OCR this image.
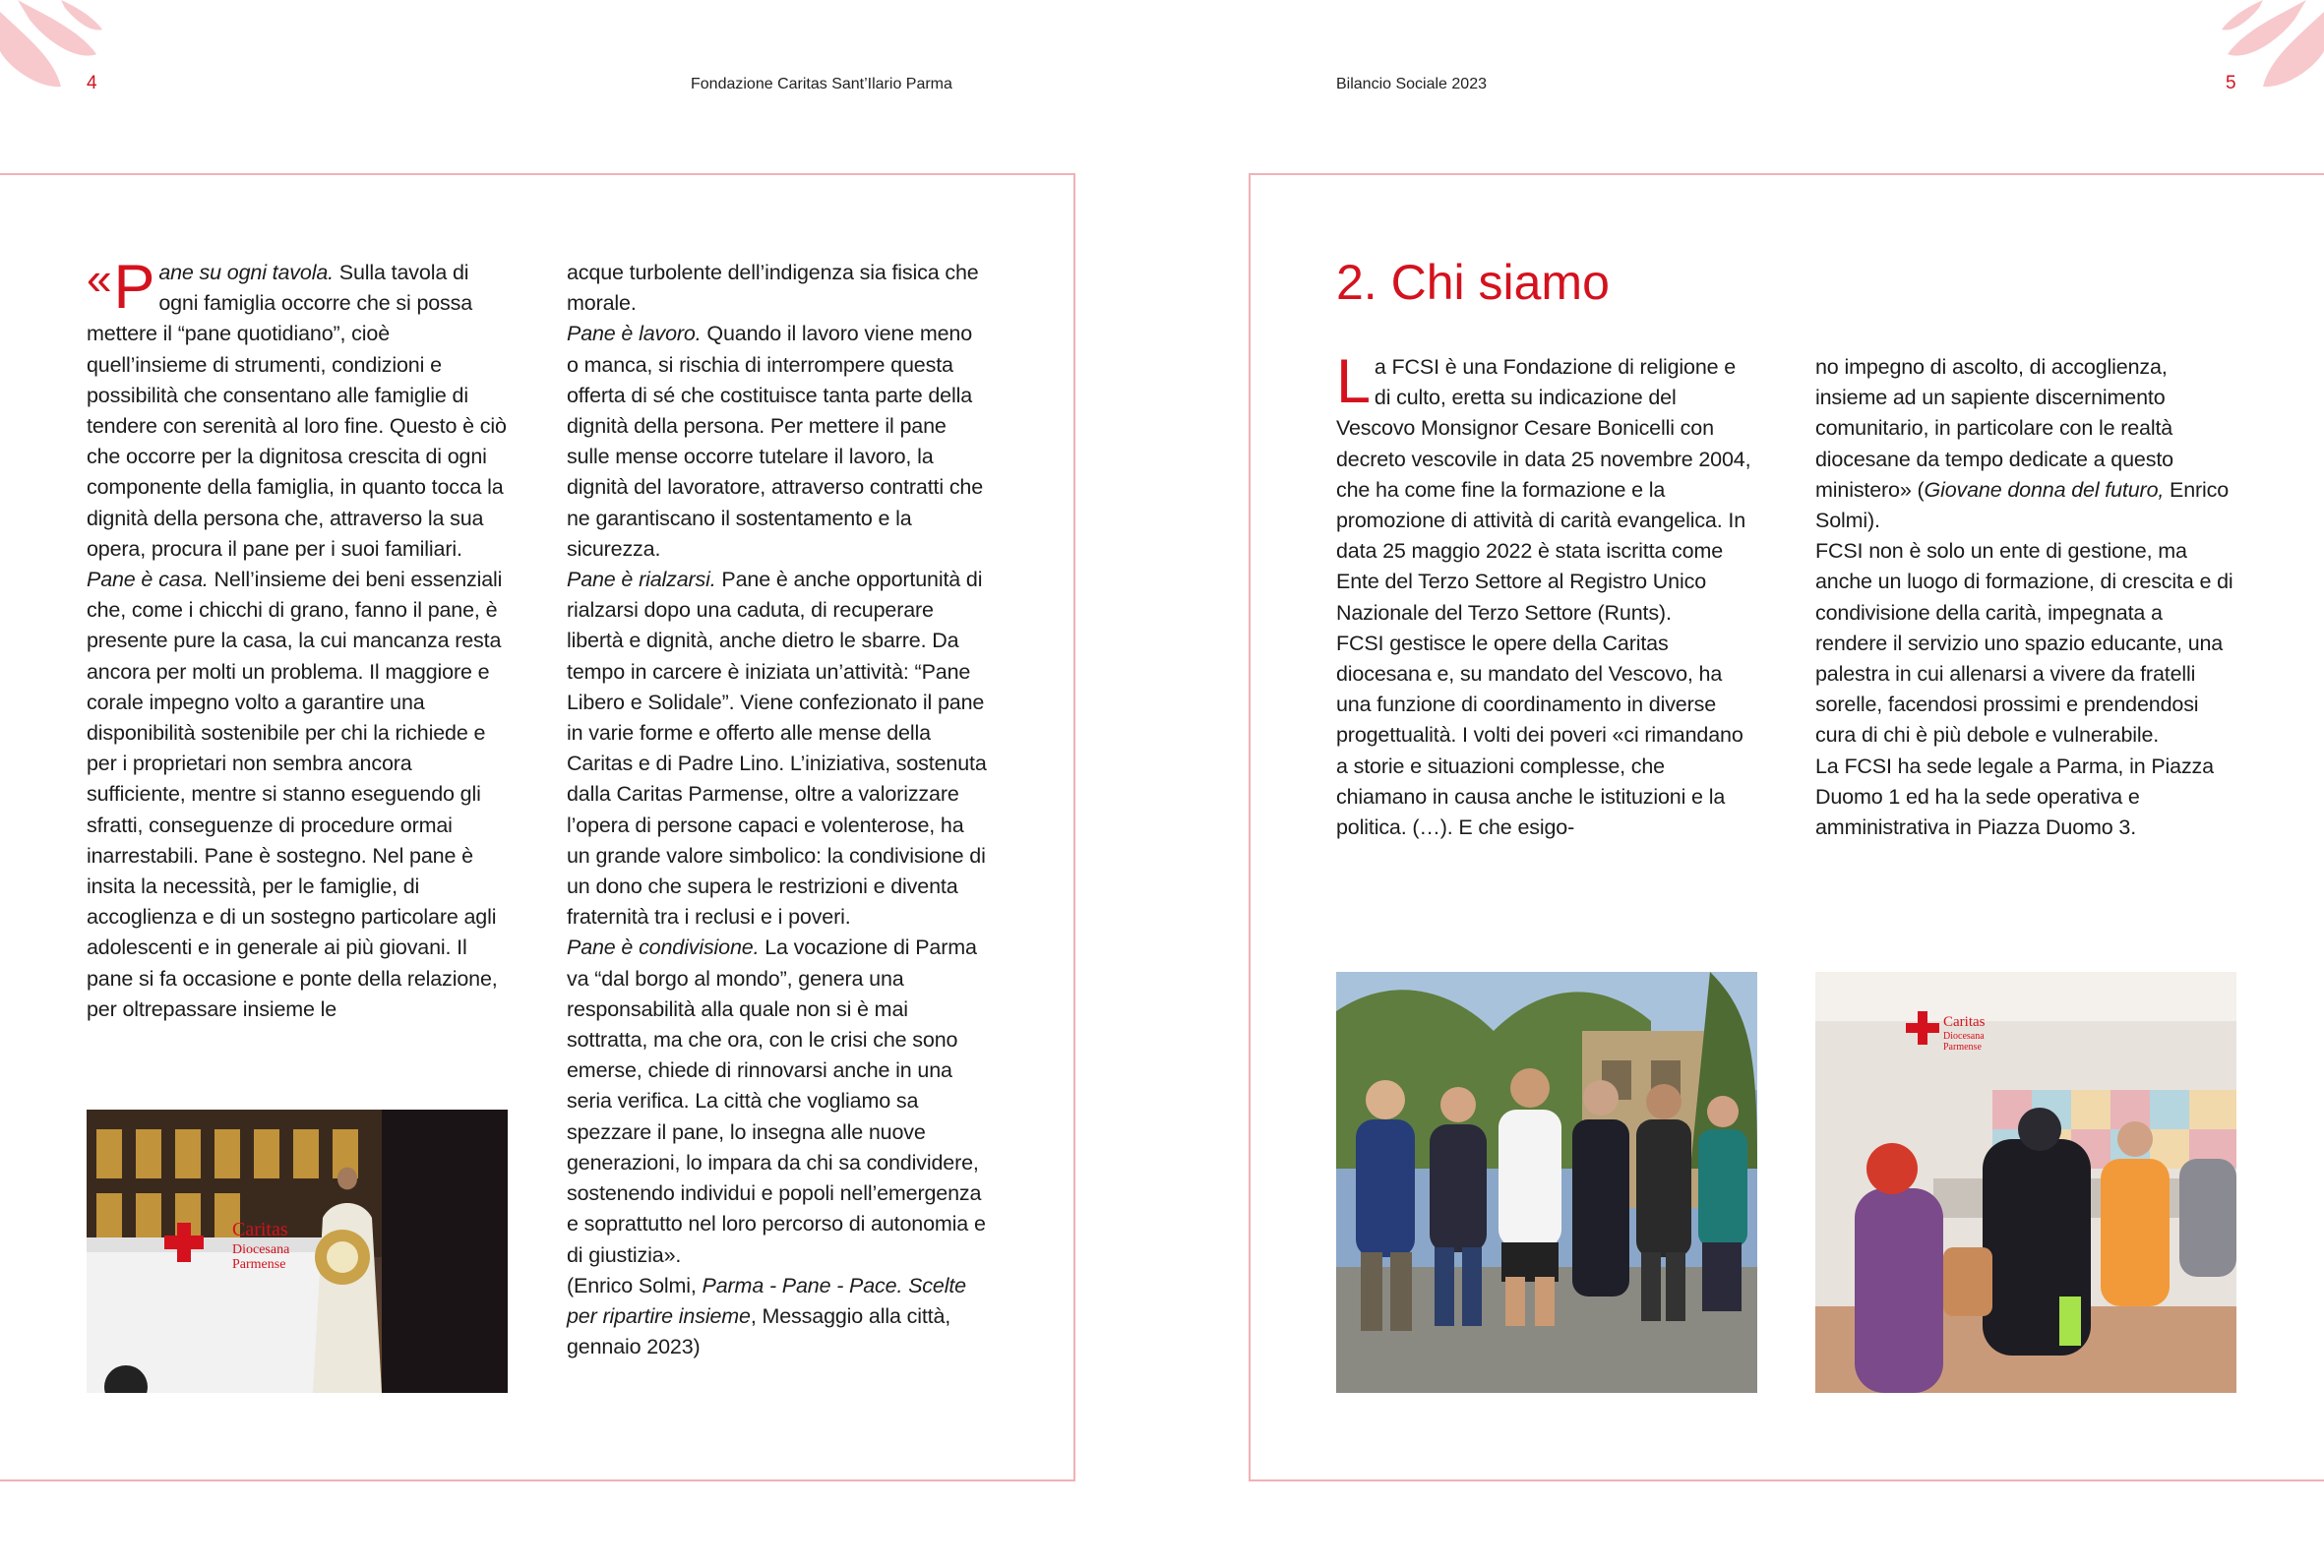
4	Fondazione Caritas Sant’Ilario Parma	Bilancio Sociale 2023	5

« P ane su ogni tavola. Sulla tavola di ogni famiglia occorre che si possa mettere il “pane quotidiano”, cioè quell’insieme di strumenti, condizioni e possibilità che consentano alle famiglie di tendere con serenità al loro fine. Questo è ciò che occorre per la dignitosa crescita di ogni componente della famiglia, in quanto tocca la dignità della persona che, attraverso la sua opera, procura il pane per i suoi familiari.

Pane è casa. Nell’insieme dei beni essenziali che, come i chicchi di grano, fanno il pane, è presente pure la casa, la cui mancanza resta ancora per molti un problema. Il maggiore e corale impegno volto a garantire una disponibilità sostenibile per chi la richiede e per i proprietari non sembra ancora sufficiente, mentre si stanno eseguendo gli sfratti, conseguenze di procedure ormai inarrestabili. Pane è sostegno. Nel pane è insita la necessità, per le famiglie, di accoglienza e di un sostegno particolare agli adolescenti e in generale ai più giovani. Il pane si fa occasione e ponte della relazione, per oltrepassare insieme le

Caritas
Diocesana
Parmense

acque turbolente dell’indigenza sia fisica che morale.

Pane è lavoro. Quando il lavoro viene meno o manca, si rischia di interrompere questa offerta di sé che costituisce tanta parte della dignità della persona. Per mettere il pane sulle mense occorre tutelare il lavoro, la dignità del lavoratore, attraverso contratti che ne garantiscano il sostentamento e la sicurezza.

Pane è rialzarsi. Pane è anche opportunità di rialzarsi dopo una caduta, di recuperare libertà e dignità, anche dietro le sbarre. Da tempo in carcere è iniziata un’attività: “Pane Libero e Solidale”. Viene confezionato il pane in varie forme e offerto alle mense della Caritas e di Padre Lino. L’iniziativa, sostenuta dalla Caritas Parmense, oltre a valorizzare l’opera di persone capaci e volenterose, ha un grande valore simbolico: la condivisione di un dono che supera le restrizioni e diventa fraternità tra i reclusi e i poveri.

Pane è condivisione. La vocazione di Parma va “dal borgo al mondo”, genera una responsabilità alla quale non si è mai sottratta, ma che ora, con le crisi che sono emerse, chiede di rinnovarsi anche in una seria verifica. La città che vogliamo sa spezzare il pane, lo insegna alle nuove generazioni, lo impara da chi sa condividere, sostenendo individui e popoli nell’emergenza e soprattutto nel loro percorso di autonomia e di giustizia».

(Enrico Solmi, Parma - Pane - Pace. Scelte per ripartire insieme, Messaggio alla città, gennaio 2023)

2. Chi siamo

La FCSI è una Fondazione di religione e di culto, eretta su indicazione del Vescovo Monsignor Cesare Bonicelli con decreto vescovile in data 25 novembre 2004, che ha come fine la formazione e la promozione di attività di carità evangelica. In data 25 maggio 2022 è stata iscritta come Ente del Terzo Settore al Registro Unico Nazionale del Terzo Settore (Runts).

FCSI gestisce le opere della Caritas diocesana e, su mandato del Vescovo, ha una funzione di coordinamento in diverse progettualità. I volti dei poveri «ci rimandano a storie e situazioni complesse, che chiamano in causa anche le istituzioni e la politica. (…). E che esigo-

no impegno di ascolto, di accoglienza, insieme ad un sapiente discernimento comunitario, in particolare con le realtà diocesane da tempo dedicate a questo ministero» (Giovane donna del futuro, Enrico Solmi).

FCSI non è solo un ente di gestione, ma anche un luogo di formazione, di crescita e di condivisione della carità, impegnata a rendere il servizio uno spazio educante, una palestra in cui allenarsi a vivere da fratelli sorelle, facendosi prossimi e prendendosi cura di chi è più debole e vulnerabile.

La FCSI ha sede legale a Parma, in Piazza Duomo 1 ed ha la sede operativa e amministrativa in Piazza Duomo 3.

Caritas
Diocesana
Parmense
